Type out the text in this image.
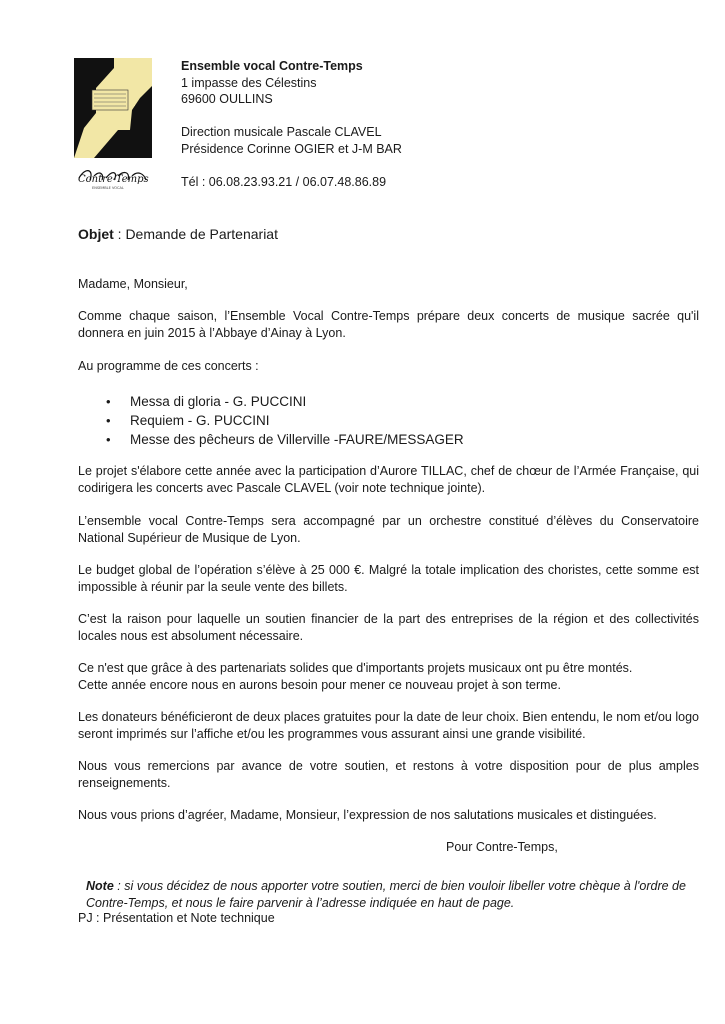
Contre-Temps
ENSEMBLE VOCAL
Ensemble vocal Contre-Temps
1 impasse des Célestins
69600 OULLINS
Direction musicale Pascale CLAVEL
Présidence Corinne OGIER et J-M BAR
Tél : 06.08.23.93.21 / 06.07.48.86.89
Objet : Demande de Partenariat

Madame, Monsieur,

Comme chaque saison, l’Ensemble Vocal Contre-Temps prépare deux concerts de musique sacrée qu'il donnera en juin 2015 à l’Abbaye d’Ainay à Lyon.

Au programme de ces concerts :

• Messa di gloria - G. PUCCINI
• Requiem - G. PUCCINI
• Messe des pêcheurs de Villerville -FAURE/MESSAGER

Le projet s'élabore cette année avec la participation d’Aurore TILLAC, chef de chœur de l’Armée Française, qui codirigera les concerts avec Pascale CLAVEL (voir note technique jointe).

L’ensemble vocal Contre-Temps sera accompagné par un orchestre constitué d’élèves du Conservatoire National Supérieur de Musique de Lyon.

Le budget global de l’opération s’élève à 25 000 €. Malgré la totale implication des choristes, cette somme est impossible à réunir par la seule vente des billets.

C’est la raison pour laquelle un soutien financier de la part des entreprises de la région et des collectivités locales nous est absolument nécessaire.

Ce n'est que grâce à des partenariats solides que d'importants projets musicaux ont pu être montés.

Cette année encore nous en aurons besoin pour mener ce nouveau projet à son terme.

Les donateurs bénéficieront de deux places gratuites pour la date de leur choix. Bien entendu, le nom et/ou logo seront imprimés sur l’affiche et/ou les programmes vous assurant ainsi une grande visibilité.

Nous vous remercions par avance de votre soutien, et restons à votre disposition pour de plus amples renseignements.

Nous vous prions d’agréer, Madame, Monsieur, l’expression de nos salutations musicales et distinguées.

Pour Contre-Temps,
Note : si vous décidez de nous apporter votre soutien, merci de bien vouloir libeller votre chèque à l'ordre de Contre-Temps, et nous le faire parvenir à l’adresse indiquée en haut de page.
PJ : Présentation et Note technique
